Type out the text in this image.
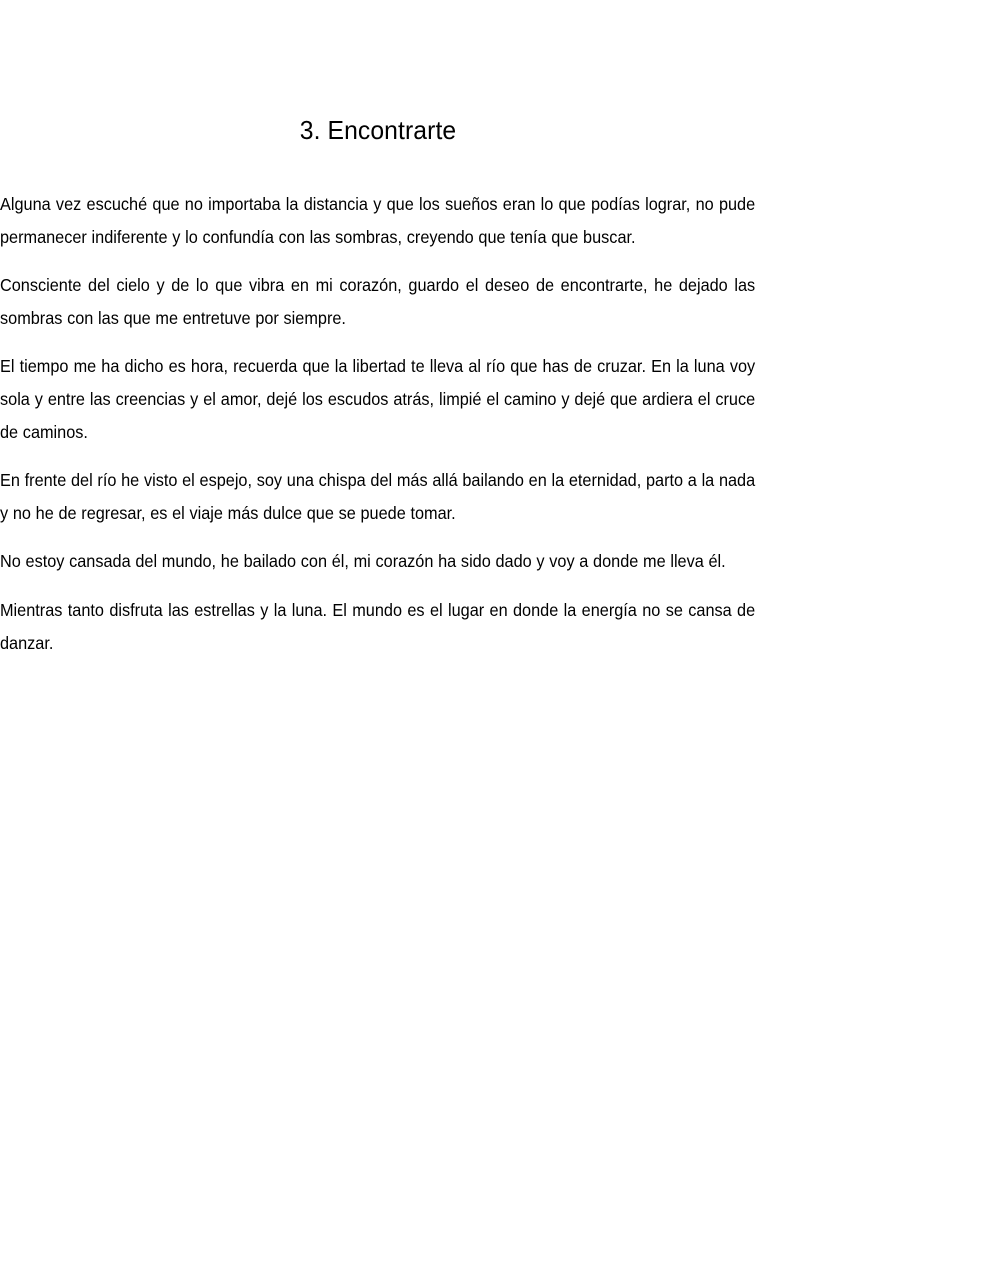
3. Encontrarte

Alguna vez escuché que no importaba la distancia y que los sueños eran lo que podías lograr, no pude permanecer indiferente y lo confundía con las sombras, creyendo que tenía que buscar.

Consciente del cielo y de lo que vibra en mi corazón, guardo el deseo de encontrarte, he dejado las sombras con las que me entretuve por siempre.

El tiempo me ha dicho es hora, recuerda que la libertad te lleva al río que has de cruzar. En la luna voy sola y entre las creencias y el amor, dejé los escudos atrás, limpié el camino y dejé que ardiera el cruce de caminos.

En frente del río he visto el espejo, soy una chispa del más allá bailando en la eternidad, parto a la nada y no he de regresar, es el viaje más dulce que se puede tomar.

No estoy cansada del mundo, he bailado con él, mi corazón ha sido dado y voy a donde me lleva él.

Mientras tanto disfruta las estrellas y la luna. El mundo es el lugar en donde la energía no se cansa de danzar.
